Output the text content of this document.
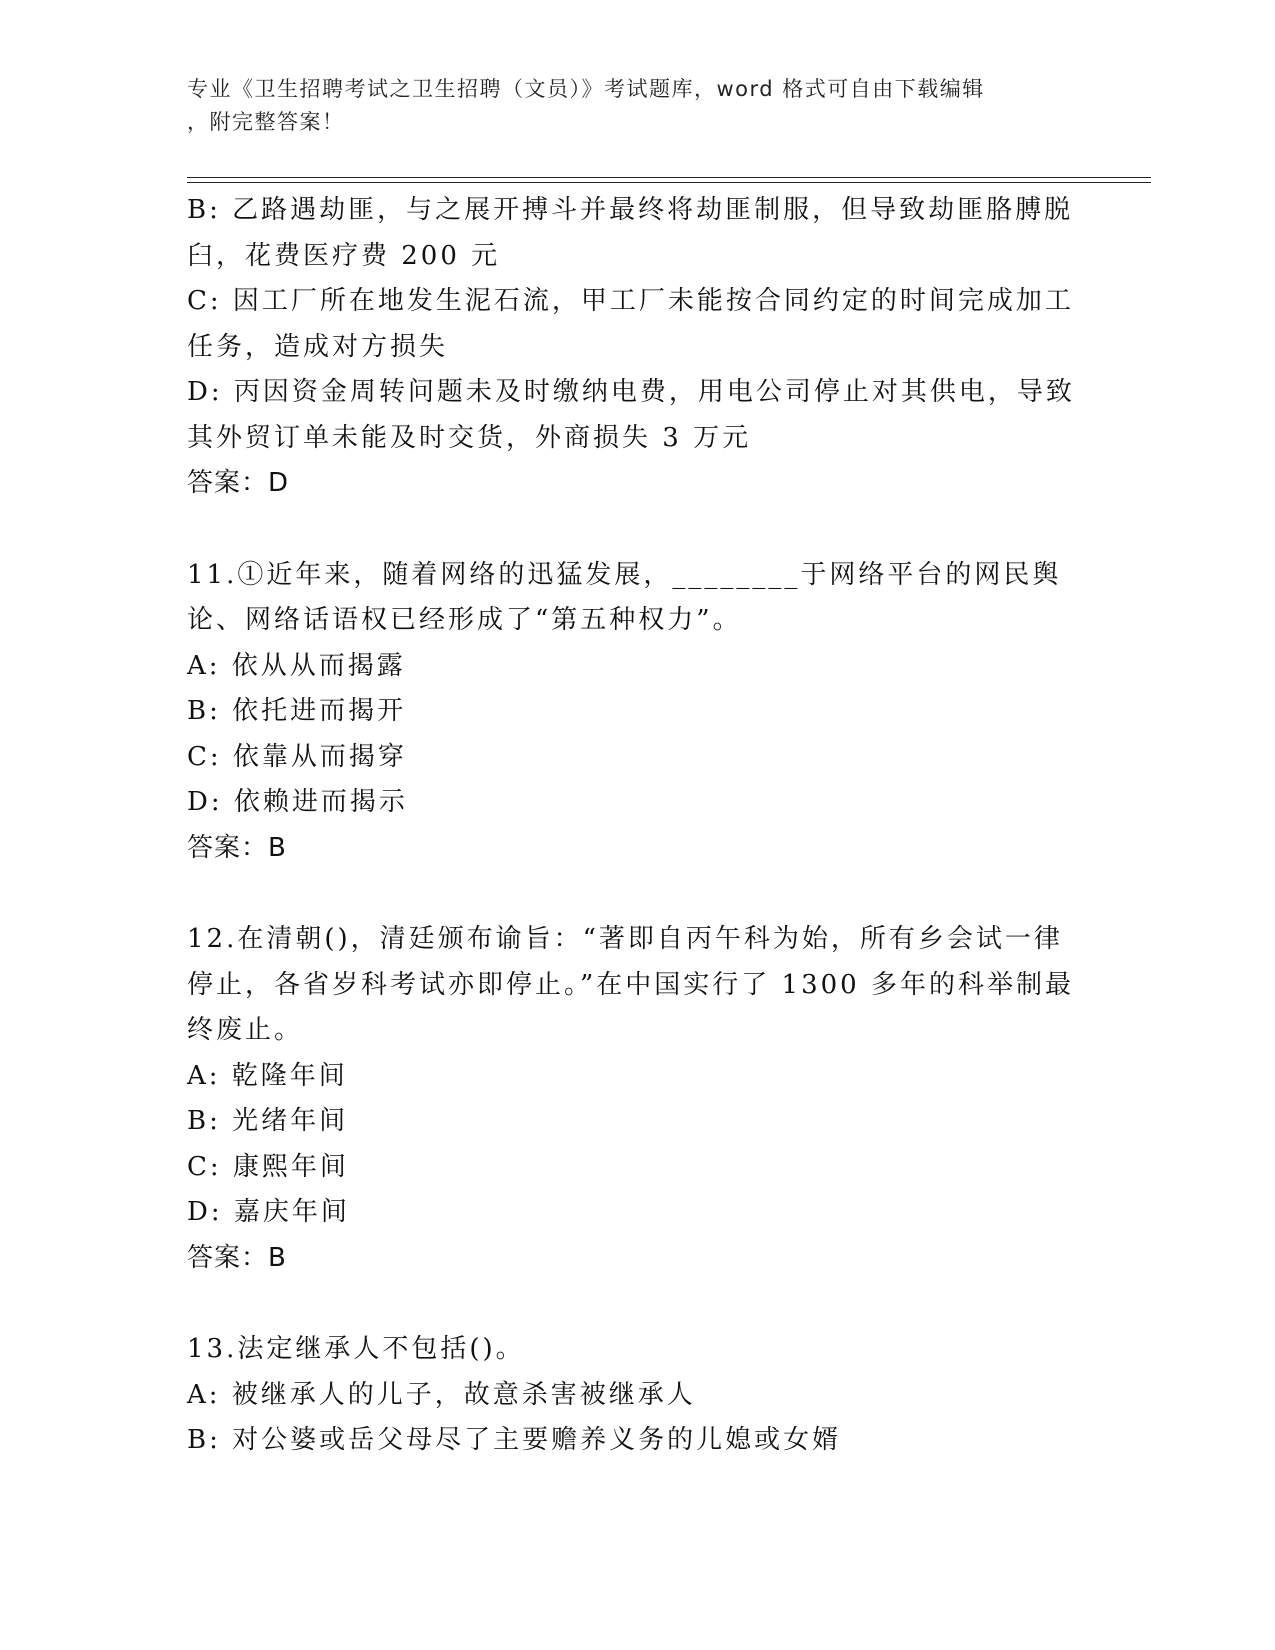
专业《卫生招聘考试之卫生招聘（文员）》考试题库，word 格式可自由下载编辑
，附完整答案！

B: 乙路遇劫匪，与之展开搏斗并最终将劫匪制服，但导致劫匪胳膊脱臼，花费医疗费 200 元

C: 因工厂所在地发生泥石流，甲工厂未能按合同约定的时间完成加工任务，造成对方损失

D: 丙因资金周转问题未及时缴纳电费，用电公司停止对其供电，导致其外贸订单未能及时交货，外商损失 3 万元

答案：D

11.①近年来，随着网络的迅猛发展，________于网络平台的网民舆论、网络话语权已经形成了“第五种权力”。

A: 依从从而揭露

B: 依托进而揭开

C: 依靠从而揭穿

D: 依赖进而揭示

答案：B

12.在清朝()，清廷颁布谕旨：“著即自丙午科为始，所有乡会试一律停止，各省岁科考试亦即停止。”在中国实行了 1300 多年的科举制最终废止。

A: 乾隆年间

B: 光绪年间

C: 康熙年间

D: 嘉庆年间

答案：B

13.法定继承人不包括()。

A: 被继承人的儿子，故意杀害被继承人

B: 对公婆或岳父母尽了主要赡养义务的儿媳或女婿
